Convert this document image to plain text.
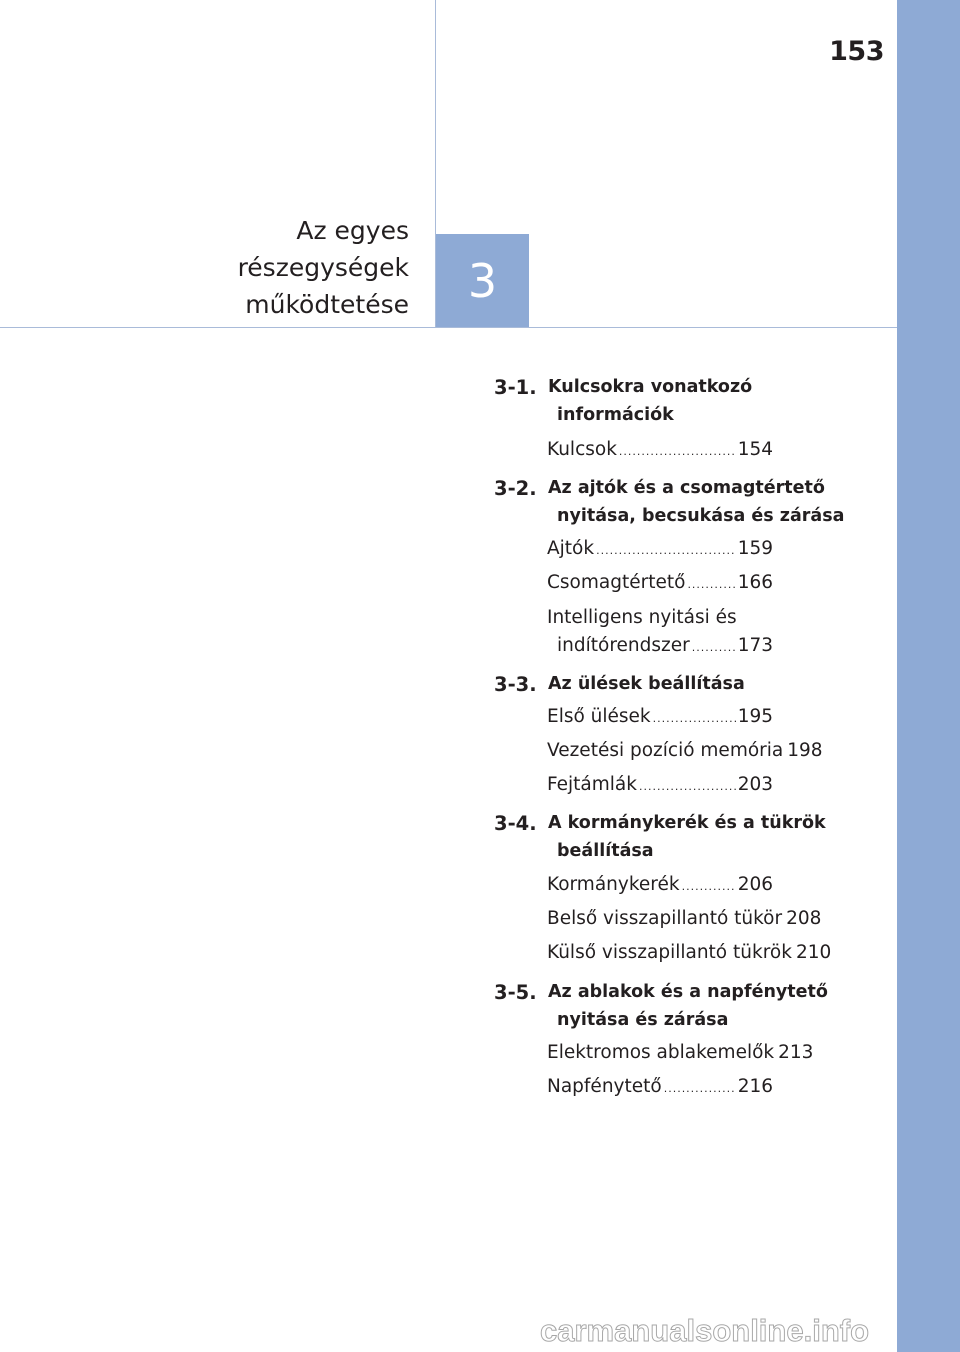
153
Az egyes
részegységek
működtetése 3
3-1. Kulcsokra vonatkozó
információk
Kulcsok .....	154
3-2. Az ajtók és a csomagtértető
nyitása, becsukása és zárása
Ajtók .....	159
Csomagtértető .....	166
Intelligens nyitási és
indítórendszer .....	173
3-3. Az ülések beállítása
Első ülések .....	195
Vezetési pozíció memória 198
Fejtámlák .....	203
3-4. A kormánykerék és a tükrök
beállítása
Kormánykerék .....	206
Belső visszapillantó tükör 208
Külső visszapillantó tükrök 210
3-5. Az ablakok és a napfénytető
nyitása és zárása
Elektromos ablakemelők 213
Napfénytető .....	216
carmanualsonline.info
